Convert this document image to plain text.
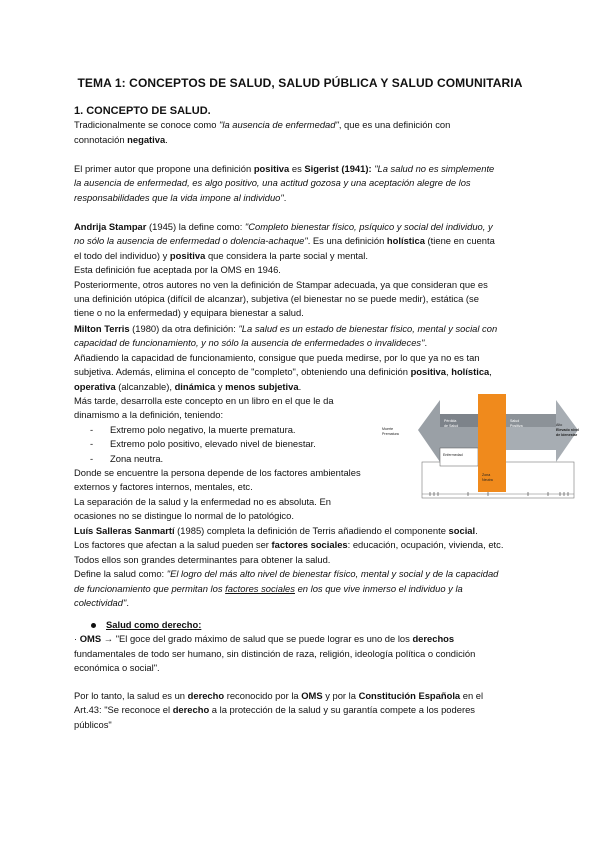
TEMA 1: CONCEPTOS DE SALUD, SALUD PÚBLICA Y SALUD COMUNITARIA

1. CONCEPTO DE SALUD.

Tradicionalmente se conoce como "la ausencia de enfermedad", que es una definición con
connotación negativa.

El primer autor que propone una definición positiva es Sigerist (1941): "La salud no es simplemente
la ausencia de enfermedad, es algo positivo, una actitud gozosa y una aceptación alegre de los
responsabilidades que la vida impone al individuo".

Andrija Stampar (1945) la define como: "Completo bienestar físico, psíquico y social del individuo, y
no sólo la ausencia de enfermedad o dolencia-achaque". Es una definición holística (tiene en cuenta
el todo del individuo) y positiva que considera la parte social y mental.
Esta definición fue aceptada por la OMS en 1946.
Posteriormente, otros autores no ven la definición de Stampar adecuada, ya que consideran que es
una definición utópica (difícil de alcanzar), subjetiva (el bienestar no se puede medir), estática (se
tiene o no la enfermedad) y equipara bienestar a salud.

Milton Terris (1980) da otra definición: "La salud es un estado de bienestar físico, mental y social con
capacidad de funcionamiento, y no sólo la ausencia de enfermedades o invalideces".
Añadiendo la capacidad de funcionamiento, consigue que pueda medirse, por lo que ya no es tan
subjetiva. Además, elimina el concepto de "completo", obteniendo una definición positiva, holística,
operativa (alcanzable), dinámica y menos subjetiva.

Más tarde, desarrolla este concepto en un libro en el que le da
dinamismo a la definición, teniendo:

- Extremo polo negativo, la muerte prematura.
- Extremo polo positivo, elevado nivel de bienestar.
- Zona neutra.

Donde se encuentre la persona depende de los factores ambientales
externos y factores internos, mentales, etc.
La separación de la salud y la enfermedad no es absoluta. En
ocasiones no se distingue lo normal de lo patológico.

Muerte
Prematura
Alto
Elevado nivel
de bienestar
Pérdida
de Salud
Salud
Positiva
Enfermedad
Zona
Neutra

Luís Salleras Sanmartí (1985) completa la definición de Terris añadiendo el componente social.
Los factores que afectan a la salud pueden ser factores sociales: educación, ocupación, vivienda, etc.
Todos ellos son grandes determinantes para obtener la salud.
Define la salud como: "El logro del más alto nivel de bienestar físico, mental y social y de la capacidad
de funcionamiento que permitan los factores sociales en los que vive inmerso el individuo y la
colectividad".

Salud como derecho:

· OMS → "El goce del grado máximo de salud que se puede lograr es uno de los derechos
fundamentales de todo ser humano, sin distinción de raza, religión, ideología política o condición
económica o social".

Por lo tanto, la salud es un derecho reconocido por la OMS y por la Constitución Española en el
Art.43: "Se reconoce el derecho a la protección de la salud y su garantía compete a los poderes
públicos"
